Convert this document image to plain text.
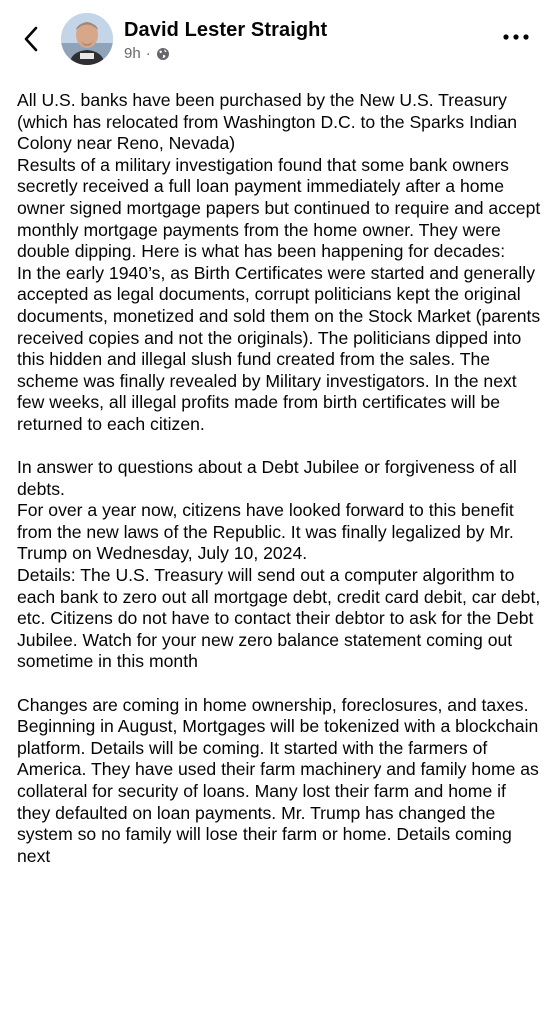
David Lester Straight
9h ·
All U.S. banks have been purchased by the New U.S. Treasury (which has relocated from Washington D.C. to the Sparks Indian Colony near Reno, Nevada)
Results of a military investigation found that some bank owners secretly received a full loan payment immediately after a home owner signed mortgage papers but continued to require and accept monthly mortgage payments from the home owner. They were double dipping. Here is what has been happening for decades:
In the early 1940’s, as Birth Certificates were started and generally accepted as legal documents, corrupt politicians kept the original documents, monetized and sold them on the Stock Market (parents received copies and not the originals). The politicians dipped into this hidden and illegal slush fund created from the sales. The scheme was finally revealed by Military investigators. In the next few weeks, all illegal profits made from birth certificates will be returned to each citizen.
In answer to questions about a Debt Jubilee or forgiveness of all debts.
For over a year now, citizens have looked forward to this benefit from the new laws of the Republic. It was finally legalized by Mr. Trump on Wednesday, July 10, 2024.
Details: The U.S. Treasury will send out a computer algorithm to each bank to zero out all mortgage debt, credit card debit, car debt, etc. Citizens do not have to contact their debtor to ask for the Debt Jubilee. Watch for your new zero balance statement coming out sometime in this month
Changes are coming in home ownership, foreclosures, and taxes.
Beginning in August, Mortgages will be tokenized with a blockchain platform. Details will be coming. It started with the farmers of America. They have used their farm machinery and family home as collateral for security of loans. Many lost their farm and home if they defaulted on loan payments. Mr. Trump has changed the system so no family will lose their farm or home. Details coming next
